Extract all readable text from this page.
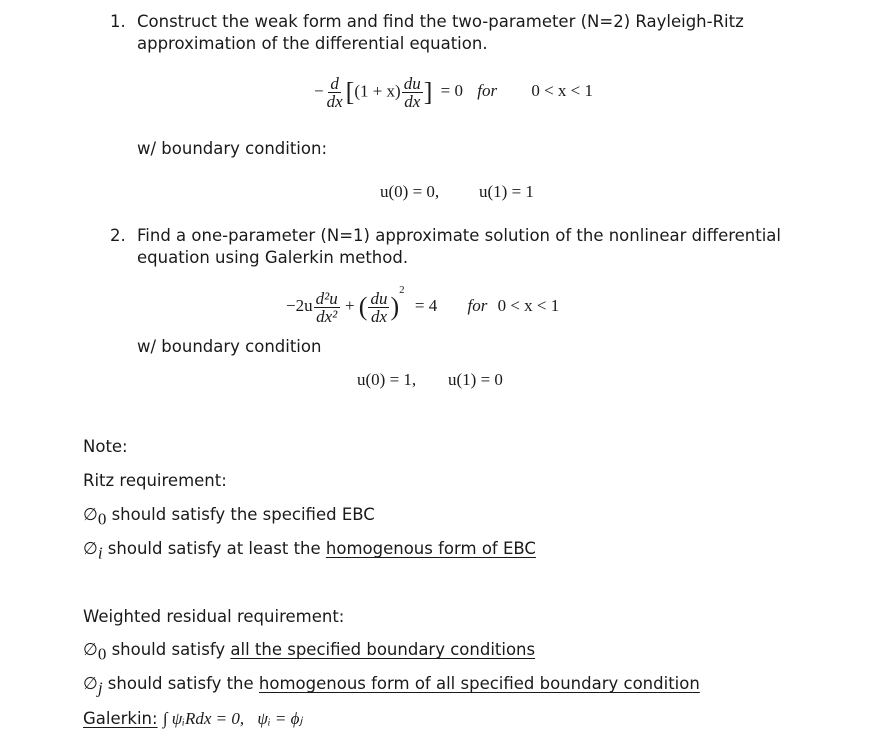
1. Construct the weak form and find the two-parameter (N=2) Rayleigh-Ritz
approximation of the differential equation.
− $\frac{d}{dx} [(1 + x) \frac{du}{dx}$ ] = 0 for 0 < x < 1
w/ boundary condition:
u(0) = 0, u(1) = 1
2. Find a one-parameter (N=1) approximate solution of the nonlinear differential
equation using Galerkin method.
$-2u \frac{\text{d²u}}{\text{dx²}}$ + ( $\frac{du}{dx} )^2 = 4$ for 0 < x < 1
w/ boundary condition
u(0) = 1, u(1) = 0
Note:
Ritz requirement:
$\emptyset_0$ should satisfy the specified EBC
$\emptyset_i$ should satisfy at least the homogenous form of EBC
Weighted residual requirement:
$\emptyset_0$ should satisfy all the specified boundary conditions
$\emptyset_j$ should satisfy the homogenous form of all specified boundary condition
Galerkin: ∫ ψᵢRdx = 0, ψᵢ = ϕⱼ
